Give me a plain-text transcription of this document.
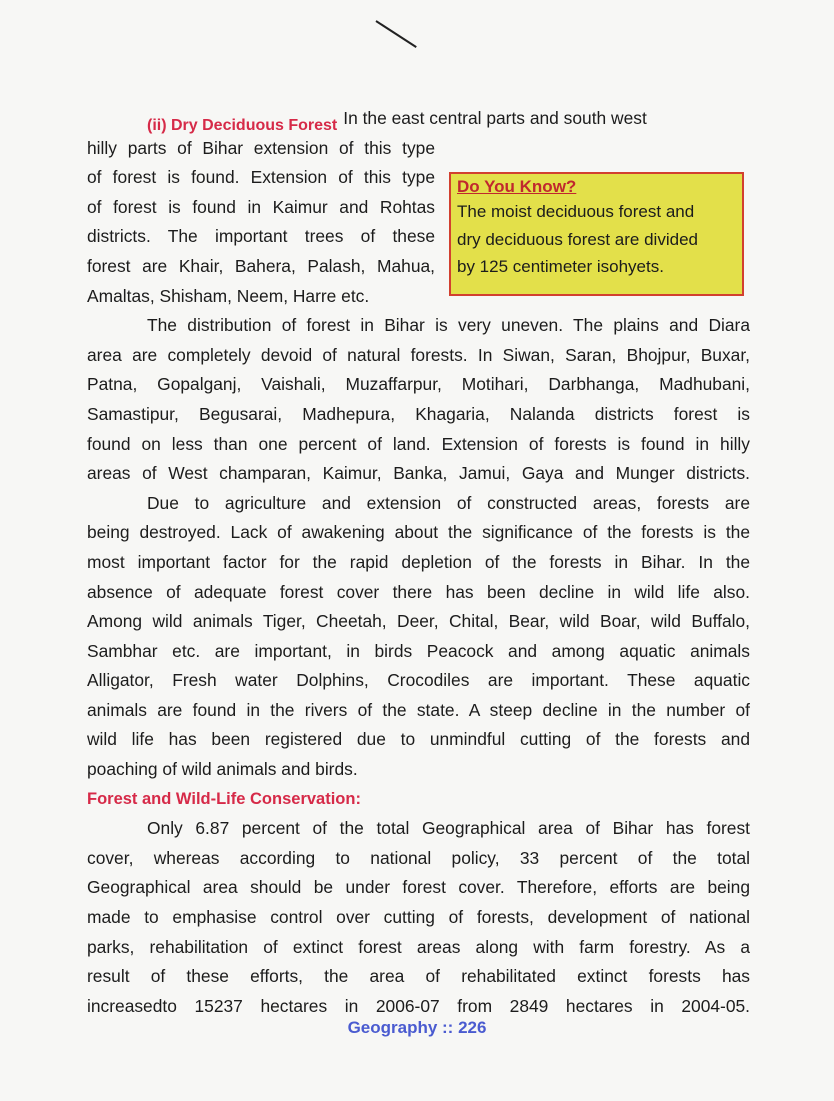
(ii) Dry Deciduous Forest In the east central parts and south west
hilly parts of Bihar extension of this type
of forest is found. Extension of this type
of forest is found in Kaimur and Rohtas
districts. The important trees of these
forest are Khair, Bahera, Palash, Mahua,
Amaltas, Shisham, Neem, Harre etc.
The distribution of forest in Bihar is very uneven. The plains and Diara
area are completely devoid of natural forests. In Siwan, Saran, Bhojpur, Buxar,
Patna, Gopalganj, Vaishali, Muzaffarpur, Motihari, Darbhanga, Madhubani,
Samastipur, Begusarai, Madhepura, Khagaria, Nalanda districts forest is
found on less than one percent of land. Extension of forests is found in hilly
areas of West champaran, Kaimur, Banka, Jamui, Gaya and Munger districts.
Due to agriculture and extension of constructed areas, forests are
being destroyed. Lack of awakening about the significance of the forests is the
most important factor for the rapid depletion of the forests in Bihar. In the
absence of adequate forest cover there has been decline in wild life also.
Among wild animals Tiger, Cheetah, Deer, Chital, Bear, wild Boar, wild Buffalo,
Sambhar etc. are important, in birds Peacock and among aquatic animals
Alligator, Fresh water Dolphins, Crocodiles are important. These aquatic
animals are found in the rivers of the state. A steep decline in the number of
wild life has been registered due to unmindful cutting of the forests and
poaching of wild animals and birds.
Forest and Wild-Life Conservation:
Only 6.87 percent of the total Geographical area of Bihar has forest
cover, whereas according to national policy, 33 percent of the total
Geographical area should be under forest cover. Therefore, efforts are being
made to emphasise control over cutting of forests, development of national
parks, rehabilitation of extinct forest areas along with farm forestry. As a
result of these efforts, the area of rehabilitated extinct forests has
increasedto 15237 hectares in 2006-07 from 2849 hectares in 2004-05.
Do You Know?
The moist deciduous forest and
dry deciduous forest are divided
by 125 centimeter isohyets.
Geography :: 226
